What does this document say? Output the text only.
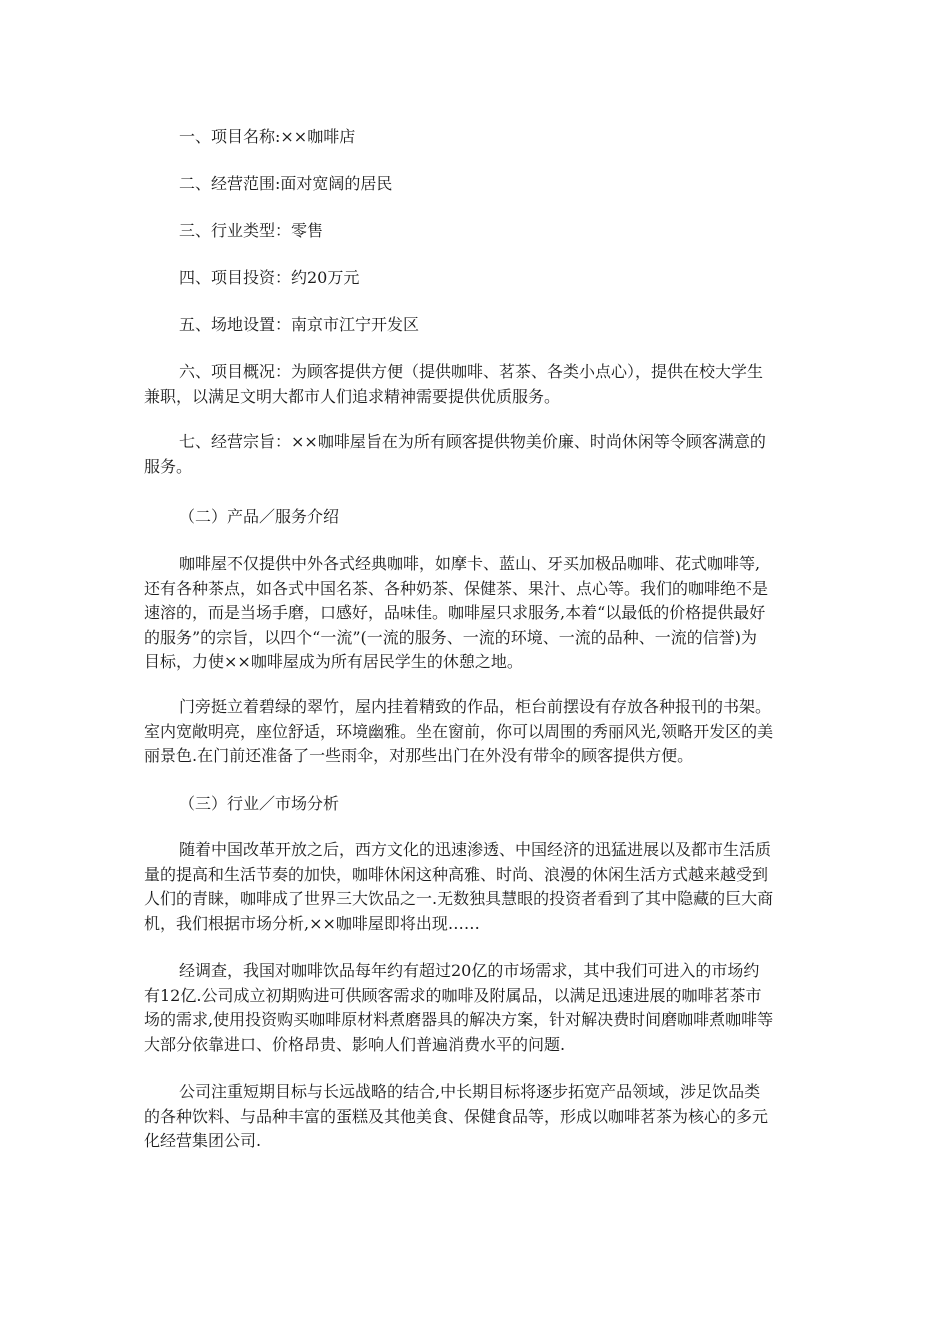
一、项目名称:××咖啡店
二、经营范围:面对宽阔的居民
三、行业类型：零售
四、项目投资：约20万元
五、场地设置：南京市江宁开发区
六、项目概况：为顾客提供方便（提供咖啡、茗茶、各类小点心），提供在校大学生
兼职，以满足文明大都市人们追求精神需要提供优质服务。
七、经营宗旨：××咖啡屋旨在为所有顾客提供物美价廉、时尚休闲等令顾客满意的
服务。
（二）产品／服务介绍
咖啡屋不仅提供中外各式经典咖啡，如摩卡、蓝山、牙买加极品咖啡、花式咖啡等,
还有各种茶点，如各式中国名茶、各种奶茶、保健茶、果汁、点心等。我们的咖啡绝不是
速溶的，而是当场手磨，口感好，品味佳。咖啡屋只求服务,本着“以最低的价格提供最好
的服务”的宗旨，以四个“一流”(一流的服务、一流的环境、一流的品种、一流的信誉)为
目标，力使××咖啡屋成为所有居民学生的休憩之地。
门旁挺立着碧绿的翠竹，屋内挂着精致的作品，柜台前摆设有存放各种报刊的书架。
室内宽敞明亮，座位舒适，环境幽雅。坐在窗前，你可以周围的秀丽风光,领略开发区的美
丽景色.在门前还准备了一些雨伞，对那些出门在外没有带伞的顾客提供方便。
（三）行业／市场分析
随着中国改革开放之后，西方文化的迅速渗透、中国经济的迅猛进展以及都市生活质
量的提高和生活节奏的加快，咖啡休闲这种高雅、时尚、浪漫的休闲生活方式越来越受到
人们的青睐，咖啡成了世界三大饮品之一.无数独具慧眼的投资者看到了其中隐藏的巨大商
机，我们根据市场分析,××咖啡屋即将出现……
经调查，我国对咖啡饮品每年约有超过20亿的市场需求，其中我们可进入的市场约
有12亿.公司成立初期购进可供顾客需求的咖啡及附属品，以满足迅速进展的咖啡茗茶市
场的需求,使用投资购买咖啡原材料煮磨器具的解决方案，针对解决费时间磨咖啡煮咖啡等
大部分依靠进口、价格昂贵、影响人们普遍消费水平的问题.
公司注重短期目标与长远战略的结合,中长期目标将逐步拓宽产品领域，涉足饮品类
的各种饮料、与品种丰富的蛋糕及其他美食、保健食品等，形成以咖啡茗茶为核心的多元
化经营集团公司.
